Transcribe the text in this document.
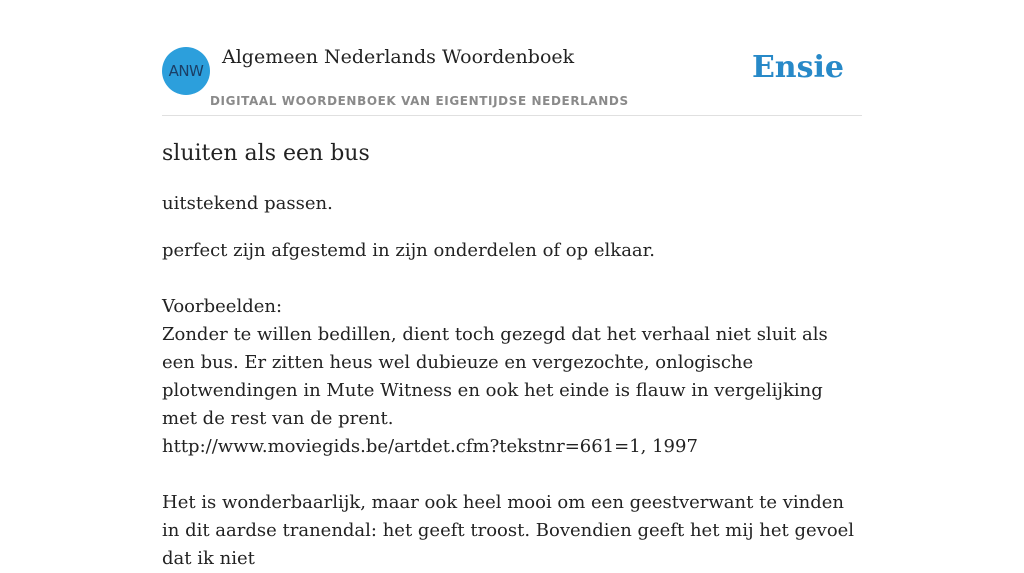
ANW
Algemeen Nederlands Woordenboek
DIGITAAL WOORDENBOEK VAN EIGENTIJDSE NEDERLANDS
Ensie
sluiten als een bus

uitstekend passen.

perfect zijn afgestemd in zijn onderdelen of op elkaar.

Voorbeelden:

Zonder te willen bedillen, dient toch gezegd dat het verhaal niet sluit als een bus. Er zitten heus wel dubieuze en vergezochte, onlogische plotwendingen in Mute Witness en ook het einde is flauw in vergelijking met de rest van de prent.

http://www.moviegids.be/artdet.cfm?tekstnr=661=1, 1997

Het is wonderbaarlijk, maar ook heel mooi om een geestverwant te vinden in dit aardse tranendal: het geeft troost. Bovendien geeft het mij het gevoel dat ik niet
